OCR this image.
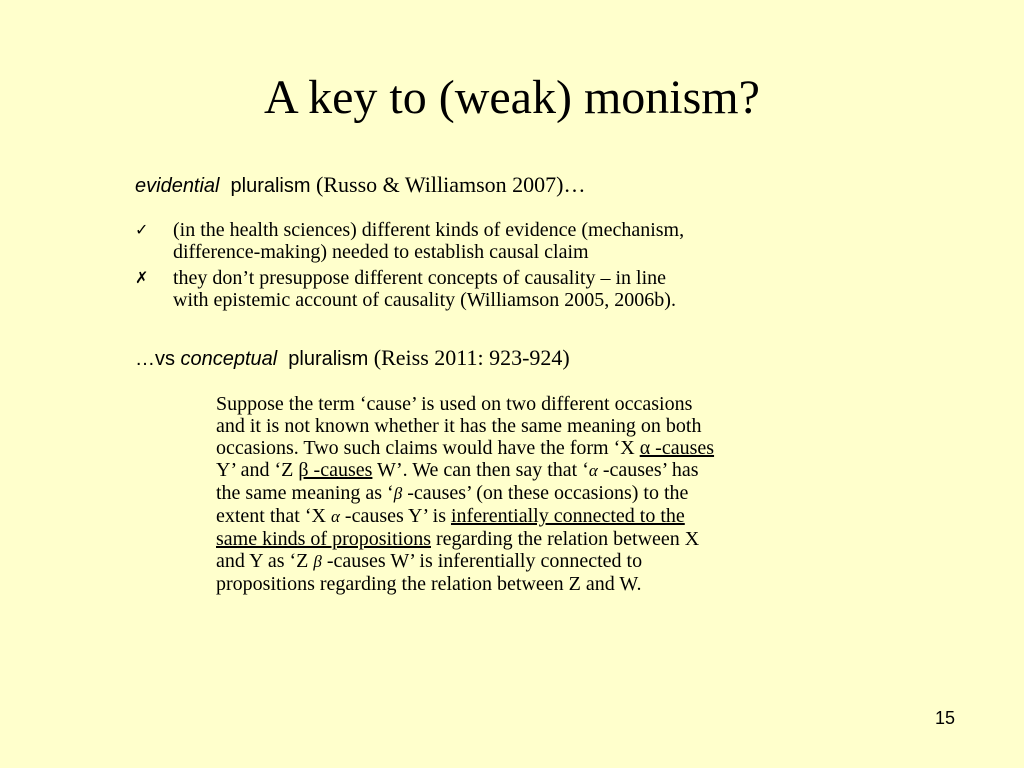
A key to (weak) monism?
evidential pluralism (Russo & Williamson 2007)…
✓	(in the health sciences) different kinds of evidence (mechanism,
difference-making) needed to establish causal claim
✗	they don’t presuppose different concepts of causality – in line
with epistemic account of causality (Williamson 2005, 2006b).
…vs conceptual pluralism (Reiss 2011: 923-924)
Suppose the term ‘cause’ is used on two different occasions
and it is not known whether it has the same meaning on both
occasions. Two such claims would have the form ‘X α -causes
Y’ and ‘Z β -causes W’. We can then say that ‘α -causes’ has
the same meaning as ‘β -causes’ (on these occasions) to the
extent that ‘X α -causes Y’ is inferentially connected to the
same kinds of propositions regarding the relation between X
and Y as ‘Z β -causes W’ is inferentially connected to
propositions regarding the relation between Z and W.
15
